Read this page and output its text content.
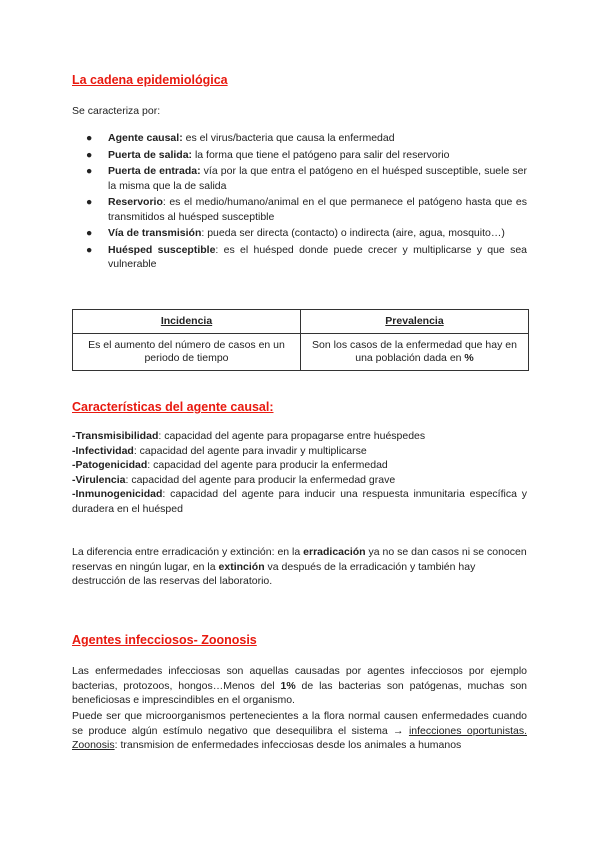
La cadena epidemiológica
Se caracteriza por:
● Agente causal: es el virus/bacteria que causa la enfermedad
● Puerta de salida: la forma que tiene el patógeno para salir del reservorio
● Puerta de entrada: vía por la que entra el patógeno en el huésped susceptible, suele ser la misma que la de salida
● Reservorio: es el medio/humano/animal en el que permanece el patógeno hasta que es transmitidos al huésped susceptible
● Vía de transmisión: pueda ser directa (contacto) o indirecta (aire, agua, mosquito…)
● Huésped susceptible: es el huésped donde puede crecer y multiplicarse y que sea vulnerable
Incidencia	Prevalencia
Es el aumento del número de casos en un periodo de tiempo	Son los casos de la enfermedad que hay en una población dada en %
Características del agente causal:
-Transmisibilidad: capacidad del agente para propagarse entre huéspedes
-Infectividad: capacidad del agente para invadir y multiplicarse
-Patogenicidad: capacidad del agente para producir la enfermedad
-Virulencia: capacidad del agente para producir la enfermedad grave
-Inmunogenicidad: capacidad del agente para inducir una respuesta inmunitaria específica y duradera en el huésped
La diferencia entre erradicación y extinción: en la erradicación ya no se dan casos ni se conocen reservas en ningún lugar, en la extinción va después de la erradicación y también hay destrucción de las reservas del laboratorio.
Agentes infecciosos- Zoonosis
Las enfermedades infecciosas son aquellas causadas por agentes infecciosos por ejemplo bacterias, protozoos, hongos…Menos del 1% de las bacterias son patógenas, muchas son beneficiosas e imprescindibles en el organismo.
Puede ser que microorganismos pertenecientes a la flora normal causen enfermedades cuando se produce algún estímulo negativo que desequilibra el sistema → infecciones oportunistas. Zoonosis: transmision de enfermedades infecciosas desde los animales a humanos
